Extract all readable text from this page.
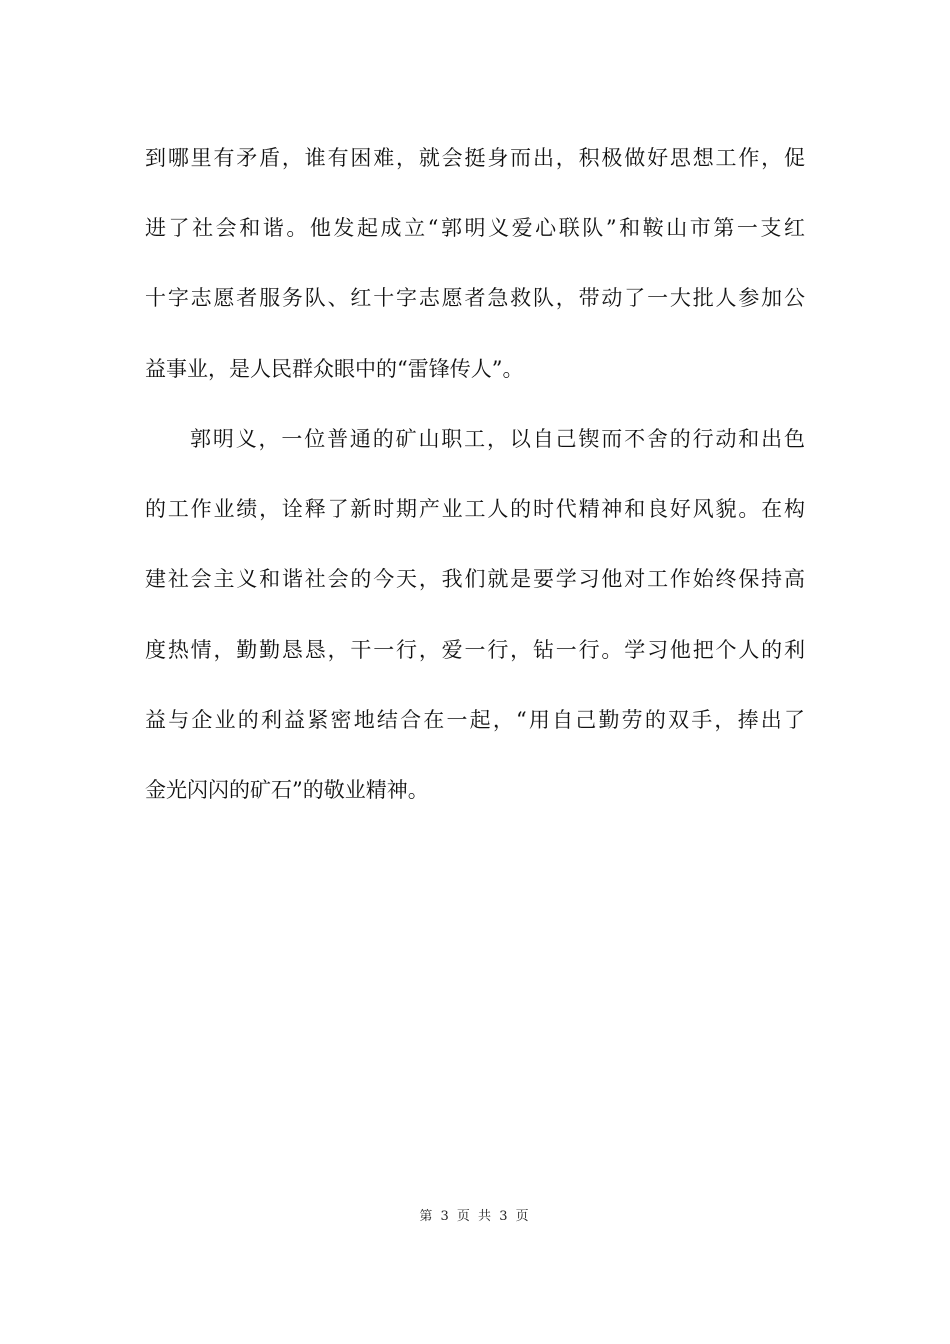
到哪里有矛盾，谁有困难，就会挺身而出，积极做好思想工作，促
进了社会和谐。他发起成立“郭明义爱心联队”和鞍山市第一支红
十字志愿者服务队、红十字志愿者急救队，带动了一大批人参加公
益事业，是人民群众眼中的“雷锋传人”。
郭明义，一位普通的矿山职工，以自己锲而不舍的行动和出色
的工作业绩，诠释了新时期产业工人的时代精神和良好风貌。在构
建社会主义和谐社会的今天，我们就是要学习他对工作始终保持高
度热情，勤勤恳恳，干一行，爱一行，钻一行。学习他把个人的利
益与企业的利益紧密地结合在一起，“用自己勤劳的双手，捧出了
金光闪闪的矿石”的敬业精神。
第 3 页 共 3 页
